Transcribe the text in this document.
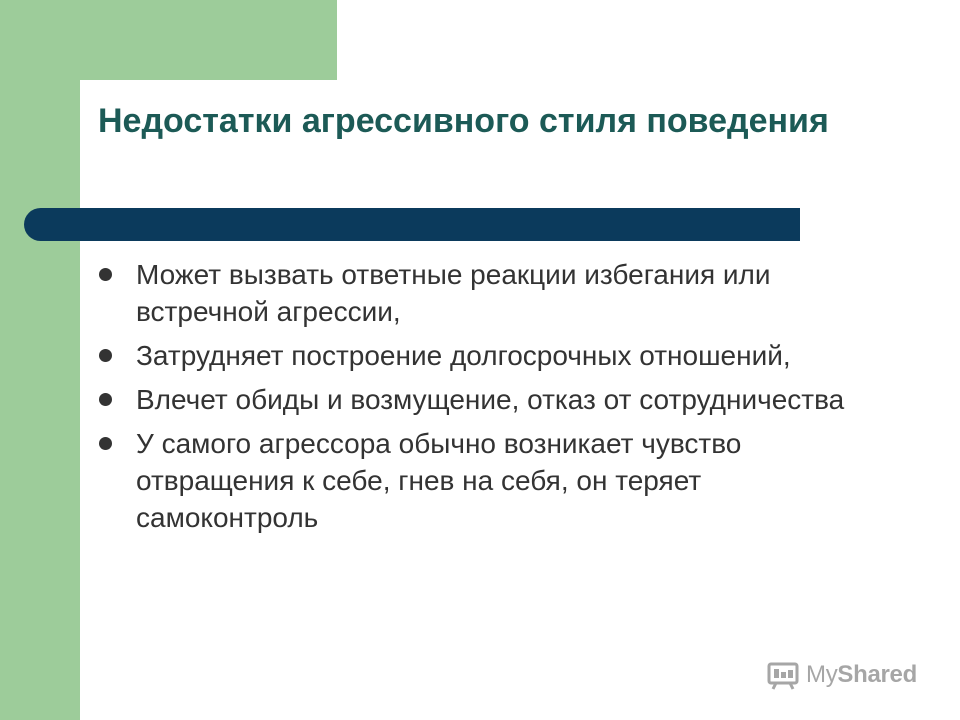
Недостатки агрессивного стиля поведения
Может вызвать ответные реакции избегания или встречной агрессии,
Затрудняет построение долгосрочных отношений,
Влечет обиды и возмущение, отказ от сотрудничества
У самого агрессора обычно возникает чувство отвращения к себе, гнев на себя, он теряет самоконтроль
MyShared
